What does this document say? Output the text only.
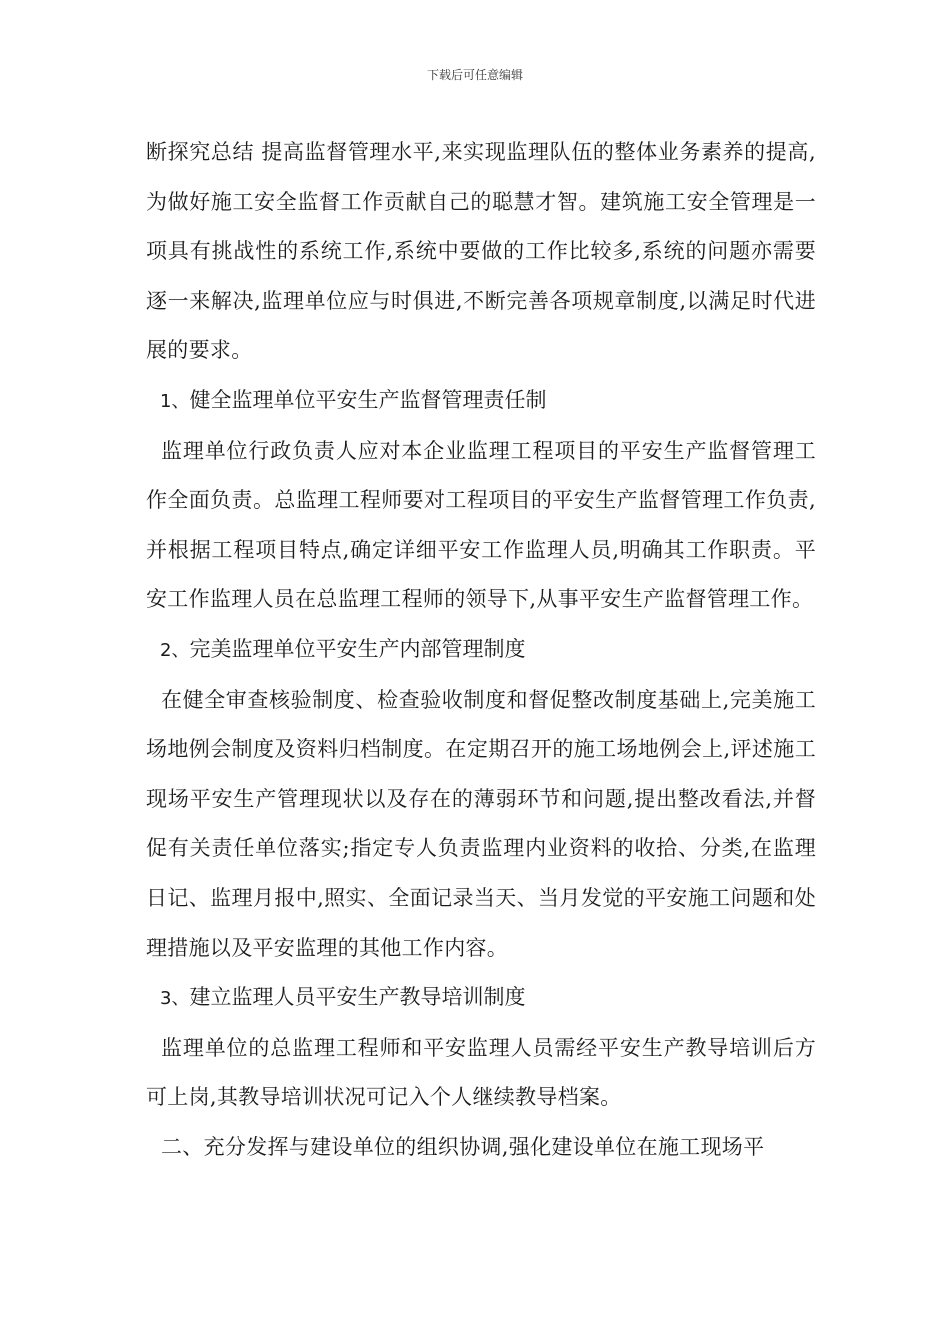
下载后可任意编辑

断探究总结 提高监督管理水平,来实现监理队伍的整体业务素养的提高,为做好施工安全监督工作贡献自己的聪慧才智。建筑施工安全管理是一项具有挑战性的系统工作,系统中要做的工作比较多,系统的问题亦需要逐一来解决,监理单位应与时俱进,不断完善各项规章制度,以满足时代进展的要求。

1、健全监理单位平安生产监督管理责任制

监理单位行政负责人应对本企业监理工程项目的平安生产监督管理工作全面负责。总监理工程师要对工程项目的平安生产监督管理工作负责,并根据工程项目特点,确定详细平安工作监理人员,明确其工作职责。平安工作监理人员在总监理工程师的领导下,从事平安生产监督管理工作。

2、完美监理单位平安生产内部管理制度

在健全审查核验制度、检查验收制度和督促整改制度基础上,完美施工场地例会制度及资料归档制度。在定期召开的施工场地例会上,评述施工现场平安生产管理现状以及存在的薄弱环节和问题,提出整改看法,并督促有关责任单位落实;指定专人负责监理内业资料的收拾、分类,在监理日记、监理月报中,照实、全面记录当天、当月发觉的平安施工问题和处理措施以及平安监理的其他工作内容。

3、建立监理人员平安生产教导培训制度

监理单位的总监理工程师和平安监理人员需经平安生产教导培训后方可上岗,其教导培训状况可记入个人继续教导档案。

二、充分发挥与建设单位的组织协调,强化建设单位在施工现场平
